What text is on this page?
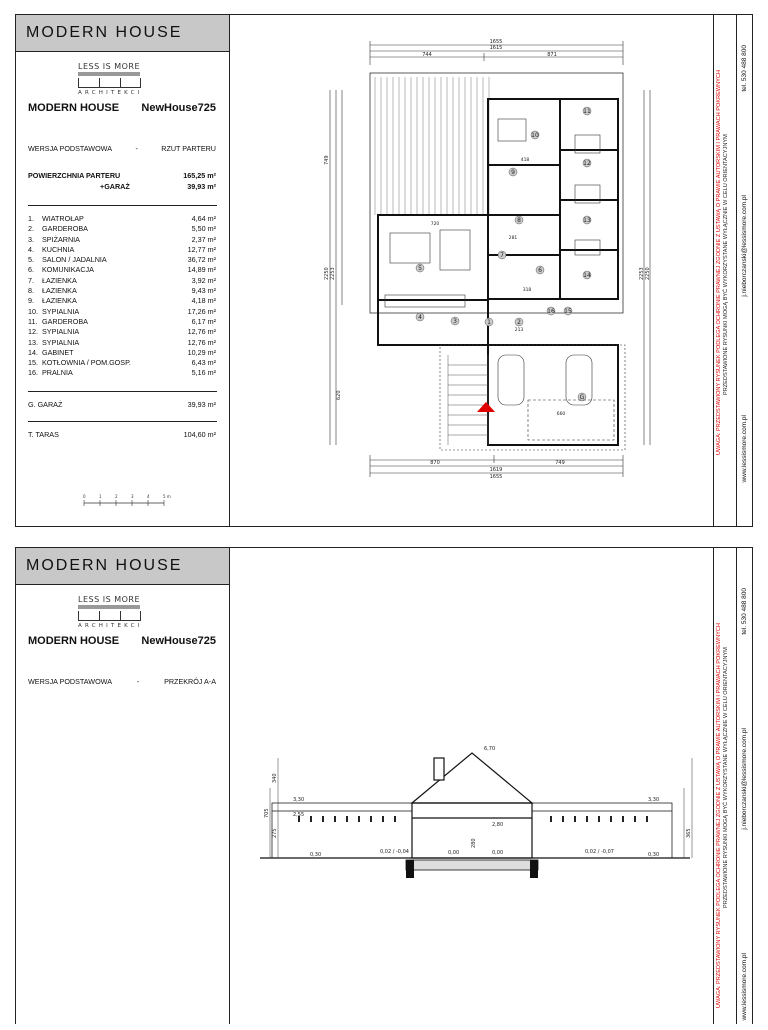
MODERN HOUSE
LESS IS MORE
ARCHITEKCI
MODERN HOUSE NewHouse725
WERSJA PODSTAWOWA	-	RZUT PARTERU
POWIERZCHNIA PARTERU	165,25 m²
+GARAŻ	39,93 m²
1. WIATROŁAP	4,64 m²
2. GARDEROBA	5,50 m²
3. SPIŻARNIA	2,37 m²
4. KUCHNIA	12,77 m²
5. SALON / JADALNIA	36,72 m²
6. KOMUNIKACJA	14,89 m²
7. ŁAZIENKA	3,92 m²
8. ŁAZIENKA	9,43 m²
9. ŁAZIENKA	4,18 m²
10. SYPIALNIA	17,26 m²
11. GARDEROBA	6,17 m²
12. SYPIALNIA	12,76 m²
13. SYPIALNIA	12,76 m²
14. GABINET	10,29 m²
15. KOTŁOWNIA / POM.GOSP.	6,43 m²
16. PRALNIA	5,16 m²
G. GARAŻ	39,93 m²
T. TARAS	104,60 m²
0	1	2	3	4	5 m
1655
1615
744	871
870	749
1619
1655
749
2250 2253
620
2253 2250
5
4
10
11
12
13
14
8
9
7
6
1	2
16 15
3
G
720
418
281
318
213
660	UWAGA: PRZEDSTAWIONY RYSUNEK PODLEGA OCHRONIE PRAWNEJ ZGODNIE Z USTAWĄ O PRAWIE AUTORSKIM I PRAWACH POKREWNYCH PRZEDSTAWIONE RYSUNKI MOGĄ BYĆ WYKORZYSTANE WYŁĄCZNIE W CELU ORIENTACYJNYM
www.lessismore.com.pl
j.nieborczanski@lessismore.com.pl
tel. 530 488 800
MODERN HOUSE
LESS IS MORE
ARCHITEKCI
MODERN HOUSE NewHouse725
WERSJA PODSTAWOWA	-	PRZEKRÓJ A-A
6,70
3,30
2,55
0,30	0,02 / -0,04
2,80
0,00	0,00	0,02 / -0,07	0,30
3,30
340
705
275
280
365	UWAGA: PRZEDSTAWIONY RYSUNEK PODLEGA OCHRONIE PRAWNEJ ZGODNIE Z USTAWĄ O PRAWIE AUTORSKIM I PRAWACH POKREWNYCH PRZEDSTAWIONE RYSUNKI MOGĄ BYĆ WYKORZYSTANE WYŁĄCZNIE W CELU ORIENTACYJNYM
www.lessismore.com.pl
j.nieborczanski@lessismore.com.pl
tel. 530 488 800
